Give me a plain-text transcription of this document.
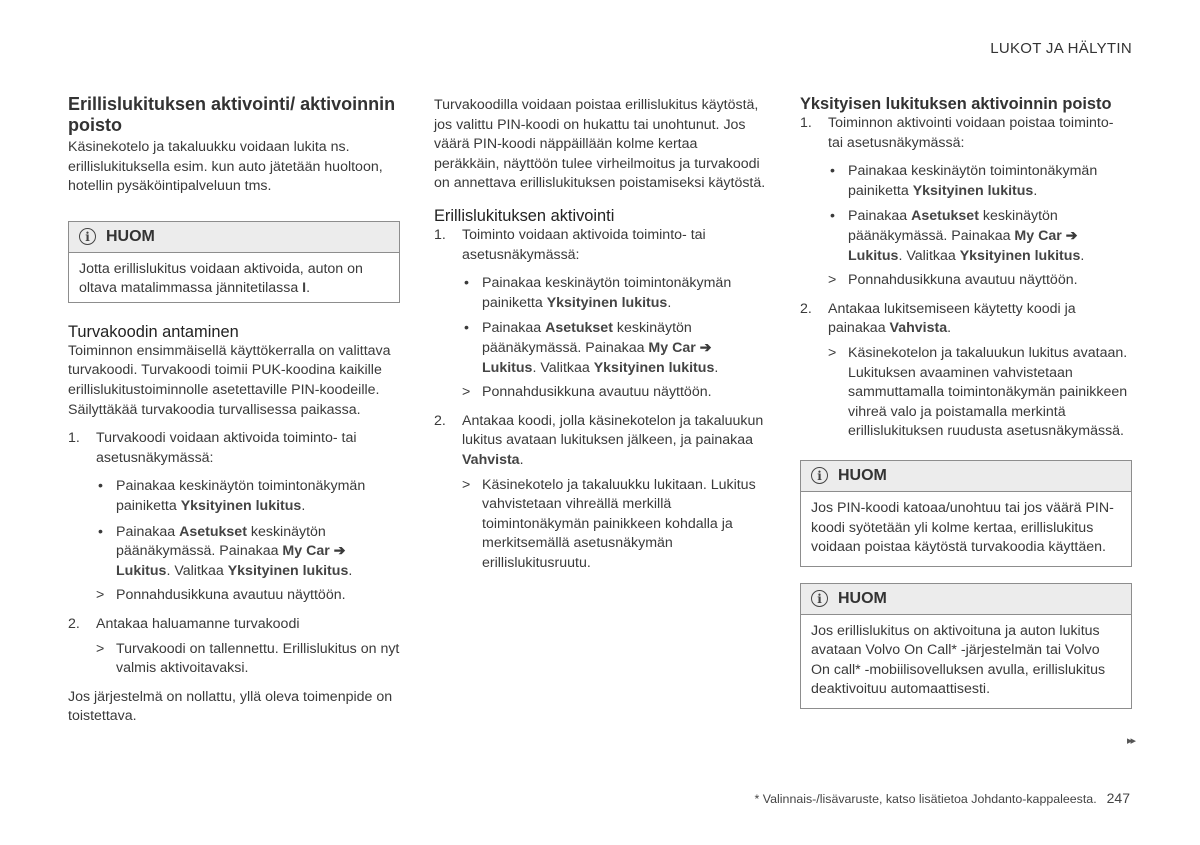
LUKOT JA HÄLYTIN
Erillislukituksen aktivointi/ aktivoinnin poisto

Käsinekotelo ja takaluukku voidaan lukita ns. erillislukituksella esim. kun auto jätetään huoltoon, hotellin pysäköintipalveluun tms.

i	HUOM
Jotta erillislukitus voidaan aktivoida, auton on oltava matalimmassa jännitetilassa I.
Turvakoodin antaminen

Toiminnon ensimmäisellä käyttökerralla on valittava turvakoodi. Turvakoodi toimii PUK-koodina kaikille erillislukitustoiminnolle asetettaville PIN-koodeille. Säilyttäkää turvakoodia turvallisessa paikassa.

1.	Turvakoodi voidaan aktivoida toiminto- tai asetusnäkymässä:
• Painakaa keskinäytön toimintonäkymän painiketta Yksityinen lukitus.
• Painakaa Asetukset keskinäytön päänäkymässä. Painakaa My Car ➔ Lukitus. Valitkaa Yksityinen lukitus.
> Ponnahdusikkuna avautuu näyttöön.
2.	Antakaa haluamanne turvakoodi
> Turvakoodi on tallennettu. Erillislukitus on nyt valmis aktivoitavaksi.

Jos järjestelmä on nollattu, yllä oleva toimenpide on toistettava.

Turvakoodilla voidaan poistaa erillislukitus käytöstä, jos valittu PIN-koodi on hukattu tai unohtunut. Jos väärä PIN-koodi näppäillään kolme kertaa peräkkäin, näyttöön tulee virheilmoitus ja turvakoodi on annettava erillislukituksen poistamiseksi käytöstä.

Erillislukituksen aktivointi
1.	Toiminto voidaan aktivoida toiminto- tai asetusnäkymässä:
• Painakaa keskinäytön toimintonäkymän painiketta Yksityinen lukitus.
• Painakaa Asetukset keskinäytön päänäkymässä. Painakaa My Car ➔ Lukitus. Valitkaa Yksityinen lukitus.
> Ponnahdusikkuna avautuu näyttöön.
2.	Antakaa koodi, jolla käsinekotelon ja takaluukun lukitus avataan lukituksen jälkeen, ja painakaa Vahvista.
> Käsinekotelo ja takaluukku lukitaan. Lukitus vahvistetaan vihreällä merkillä toimintonäkymän painikkeen kohdalla ja merkitsemällä asetusnäkymän erillislukitusruutu.
Yksityisen lukituksen aktivoinnin poisto
1.	Toiminnon aktivointi voidaan poistaa toiminto- tai asetusnäkymässä:
• Painakaa keskinäytön toimintonäkymän painiketta Yksityinen lukitus.
• Painakaa Asetukset keskinäytön päänäkymässä. Painakaa My Car ➔ Lukitus. Valitkaa Yksityinen lukitus.
> Ponnahdusikkuna avautuu näyttöön.
2.	Antakaa lukitsemiseen käytetty koodi ja painakaa Vahvista.
> Käsinekotelon ja takaluukun lukitus avataan. Lukituksen avaaminen vahvistetaan sammuttamalla toimintonäkymän painikkeen vihreä valo ja poistamalla merkintä erillislukituksen ruudusta asetusnäkymässä.
i	HUOM
Jos PIN-koodi katoaa/unohtuu tai jos väärä PIN-koodi syötetään yli kolme kertaa, erillislukitus voidaan poistaa käytöstä turvakoodia käyttäen.
i	HUOM
Jos erillislukitus on aktivoituna ja auton lukitus avataan Volvo On Call* -järjestelmän tai Volvo On call* -mobiilisovelluksen avulla, erillislukitus deaktivoituu automaattisesti.
▸▸
* Valinnais-/lisävaruste, katso lisätietoa Johdanto-kappaleesta. 247
